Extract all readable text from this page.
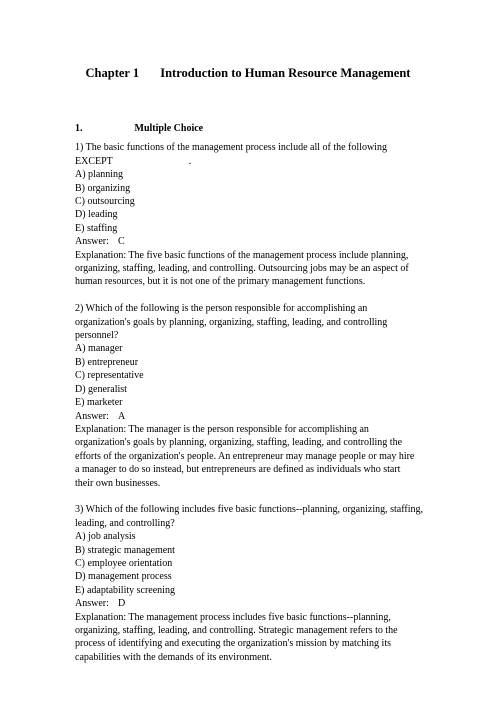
Chapter 1 Introduction to Human Resource Management
1.	Multiple Choice
1) The basic functions of the management process include all of the following
EXCEPT	.
A) planning
B) organizing
C) outsourcing
D) leading
E) staffing
Answer: C
Explanation: The five basic functions of the management process include planning,
organizing, staffing, leading, and controlling. Outsourcing jobs may be an aspect of
human resources, but it is not one of the primary management functions.
2) Which of the following is the person responsible for accomplishing an
organization's goals by planning, organizing, staffing, leading, and controlling
personnel?
A) manager
B) entrepreneur
C) representative
D) generalist
E) marketer
Answer: A
Explanation: The manager is the person responsible for accomplishing an
organization's goals by planning, organizing, staffing, leading, and controlling the
efforts of the organization's people. An entrepreneur may manage people or may hire
a manager to do so instead, but entrepreneurs are defined as individuals who start
their own businesses.
3) Which of the following includes five basic functions--planning, organizing, staffing,
leading, and controlling?
A) job analysis
B) strategic management
C) employee orientation
D) management process
E) adaptability screening
Answer: D
Explanation: The management process includes five basic functions--planning,
organizing, staffing, leading, and controlling. Strategic management refers to the
process of identifying and executing the organization's mission by matching its
capabilities with the demands of its environment.
